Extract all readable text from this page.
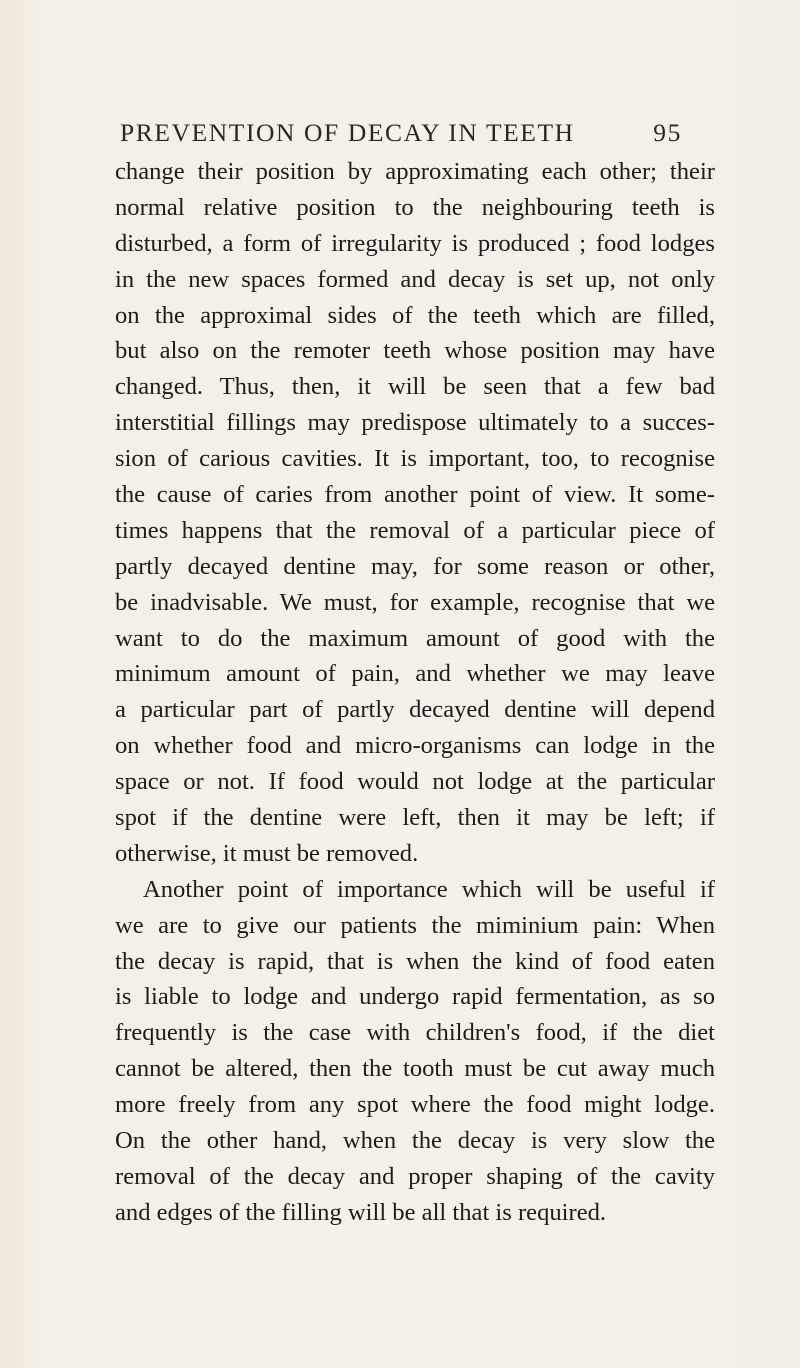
PREVENTION OF DECAY IN TEETH	95
change their position by approximating each other; their
normal relative position to the neighbouring teeth is
disturbed, a form of irregularity is produced ; food lodges
in the new spaces formed and decay is set up, not only
on the approximal sides of the teeth which are filled,
but also on the remoter teeth whose position may have
changed. Thus, then, it will be seen that a few bad
interstitial fillings may predispose ultimately to a succes-
sion of carious cavities. It is important, too, to recognise
the cause of caries from another point of view. It some-
times happens that the removal of a particular piece of
partly decayed dentine may, for some reason or other,
be inadvisable. We must, for example, recognise that we
want to do the maximum amount of good with the
minimum amount of pain, and whether we may leave
a particular part of partly decayed dentine will depend
on whether food and micro-organisms can lodge in the
space or not. If food would not lodge at the particular
spot if the dentine were left, then it may be left; if
otherwise, it must be removed.
Another point of importance which will be useful if
we are to give our patients the miminium pain: When
the decay is rapid, that is when the kind of food eaten
is liable to lodge and undergo rapid fermentation, as so
frequently is the case with children's food, if the diet
cannot be altered, then the tooth must be cut away much
more freely from any spot where the food might lodge.
On the other hand, when the decay is very slow the
removal of the decay and proper shaping of the cavity
and edges of the filling will be all that is required.
